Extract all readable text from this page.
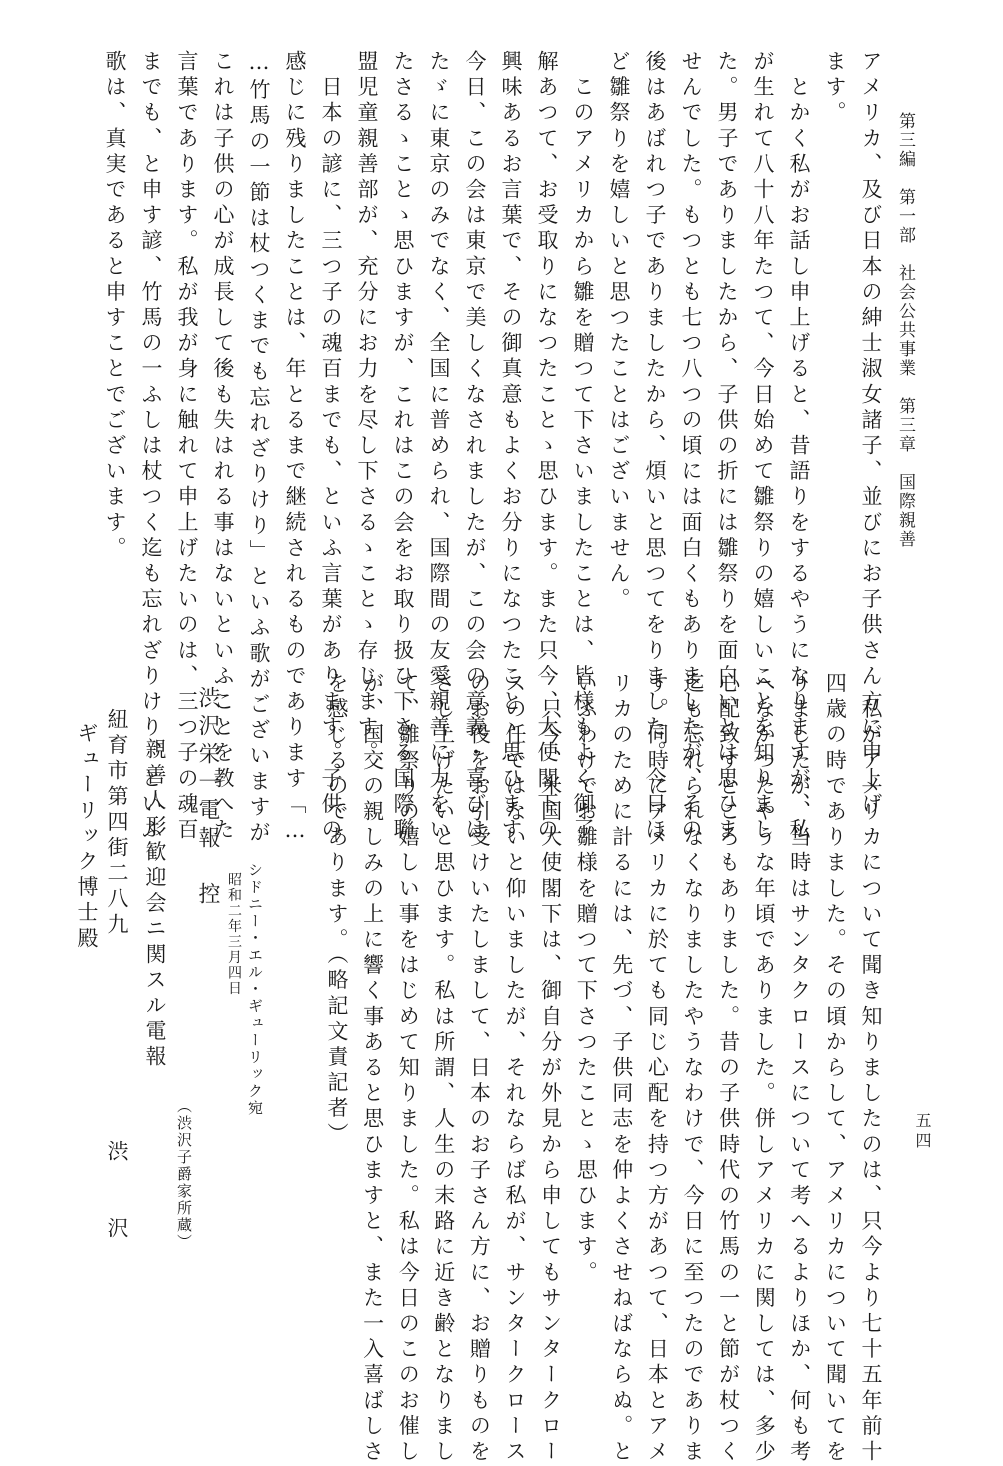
第三編　第一部　社会公共事業　第三章　国際親善
五四
アメリカ、及び日本の紳士淑女諸子、並びにお子供さん方に申上げ
ます。
　とかく私がお話し申上げると、昔語りをするやうになりますが、私
が生れて八十八年たつて、今日始めて雛祭りの嬉しいことを知りまし
た。男子でありましたから、子供の折には雛祭りを面白いとは思ひま
せんでした。もつとも七つ八つの頃には面白くもありましたが、その
後はあばれつ子でありましたから、煩いと思つてをりました。今日ほ
ど雛祭りを嬉しいと思つたことはございません。
　このアメリカから雛を贈つて下さいましたことは、皆様もよく御了
解あつて、お受取りになつたことゝ思ひます。また只今、大使閣下の
興味あるお言葉で、その御真意もよくお分りになつたことゝ思ひます
今日、この会は東京で美しくなされましたが、この会の意義・喜びは
たゞに東京のみでなく、全国に普められ、国際間の友愛親善に力をい
たさるゝことゝ思ひますが、これはこの会をお取り扱ひ下さる国際聯
盟児童親善部が、充分にお力を尽し下さるゝことゝ存じます。
　日本の諺に、三つ子の魂百までも、といふ言葉があります。子供の
感じに残りましたことは、年とるまで継続されるものであります「…
…竹馬の一節は杖つくまでも忘れざりけり」といふ歌がございますが
これは子供の心が成長して後も失はれる事はないといふことを教へた
言葉であります。私が我が身に触れて申上げたいのは、三つ子の魂百
までも、と申す諺、竹馬の一ふしは杖つく迄も忘れざりけり、といふ
歌は、真実であると申すことでございます。
　私がアメリカについて聞き知りましたのは、只今より七十五年前十
四歳の時でありました。その頃からして、アメリカについて聞いてを
りましたが、当時はサンタクロースについて考へるよりほか、何も考
へなかつたやうな年頃でありました。併しアメリカに関しては、多少
心配致すところもありました。昔の子供時代の竹馬の一と節が杖つく
迄も忘れられなくなりましたやうなわけで、今日に至つたのでありま
す。同時にアメリカに於ても同じ心配を持つ方があつて、日本とアメ
リカのために計るには、先づ、子供同志を仲よくさせねばならぬ。と
いふわけでお雛様を贈つて下さつたことゝ思ひます。
　只今、米国大使閣下は、御自分が外見から申してもサンタークロー
スの任ではないと仰いましたが、それならば私が、サンタークロース
のお役をお引受けいたしまして、日本のお子さん方に、お贈りものを
さし上げたいと思ひます。私は所謂、人生の末路に近き齢となりまし
て、雛祭りの嬉しい事をはじめて知りました。私は今日のこのお催し
が、国交の親しみの上に響く事あると思ひますと、また一入喜ばしさ
を感じるのであります。（略記文責記者）
シドニー・エル・ギューリック宛
昭和二年三月四日
渋沢栄一電報　控
（渋沢子爵家所蔵）
親善人形歓迎会ニ関スル電報
紐育市第四街二八九
渋　　沢
ギューリック博士殿
